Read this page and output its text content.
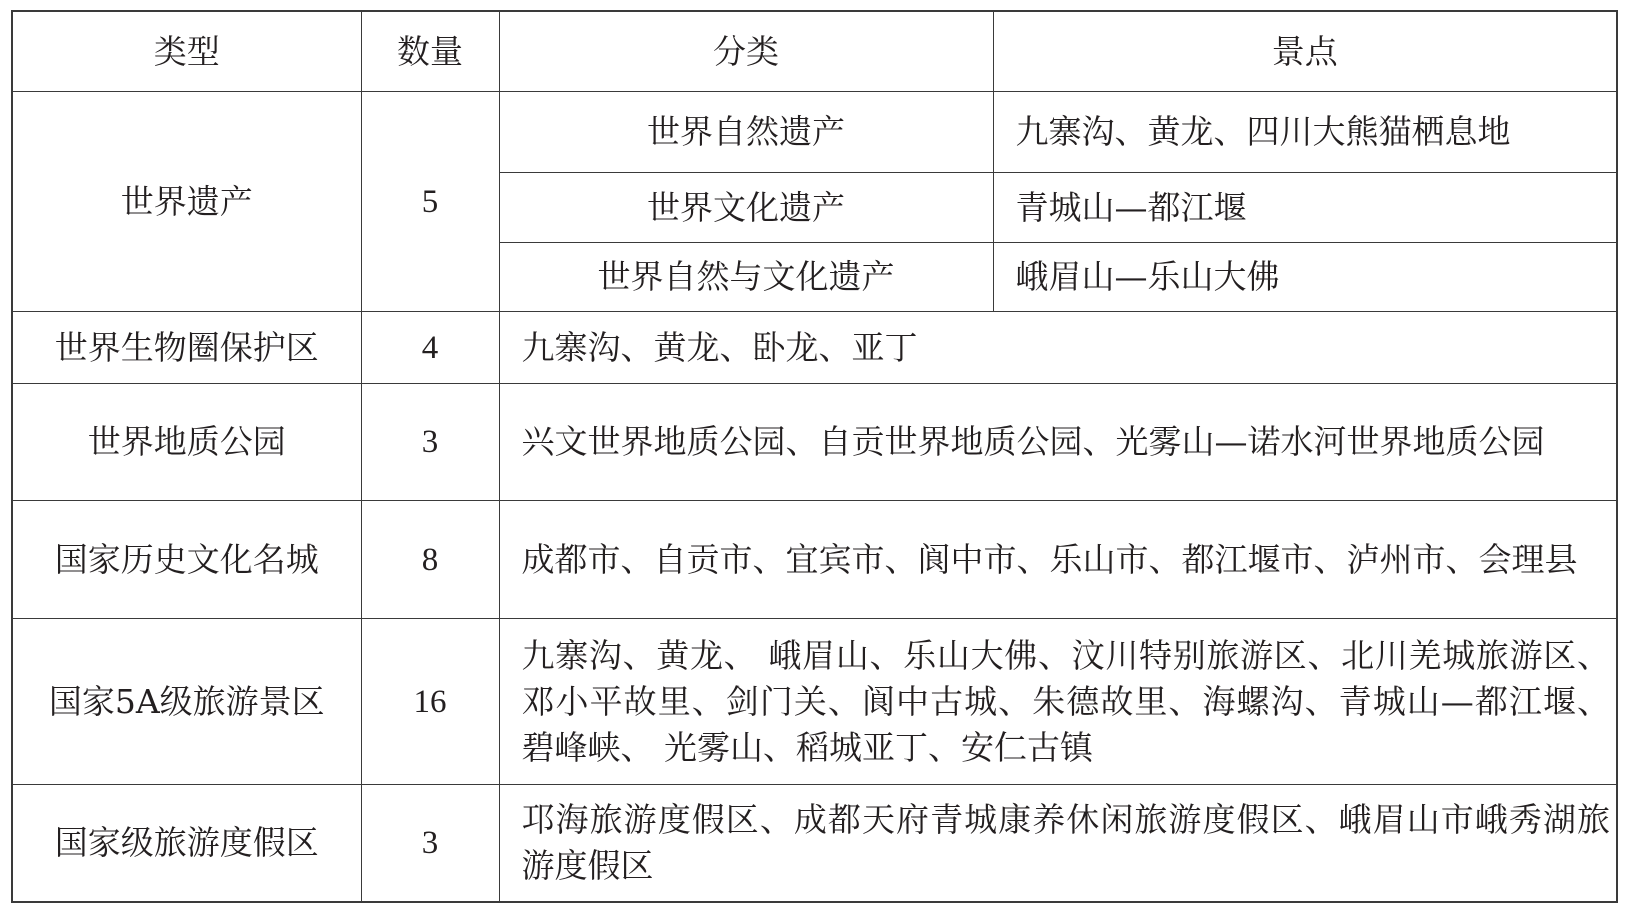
类型	数量	分类	景点
世界遗产	5	世界自然遗产	九寨沟、黄龙、四川大熊猫栖息地
		世界文化遗产	青城山—都江堰
		世界自然与文化遗产	峨眉山—乐山大佛
世界生物圈保护区	4	九寨沟、黄龙、卧龙、亚丁	
世界地质公园	3	兴文世界地质公园、自贡世界地质公园、光雾山—诺水河世界地质公园	
国家历史文化名城	8	成都市、自贡市、宜宾市、阆中市、乐山市、都江堰市、泸州市、会理县	
国家5A级旅游景区	16	九寨沟、黄龙、 峨眉山、乐山大佛、汶川特别旅游区、北川羌城旅游区、邓小平故里、剑门关、阆中古城、朱德故里、海螺沟、青城山—都江堰、碧峰峡、 光雾山、稻城亚丁、安仁古镇	
国家级旅游度假区	3	邛海旅游度假区、成都天府青城康养休闲旅游度假区、峨眉山市峨秀湖旅游度假区	
